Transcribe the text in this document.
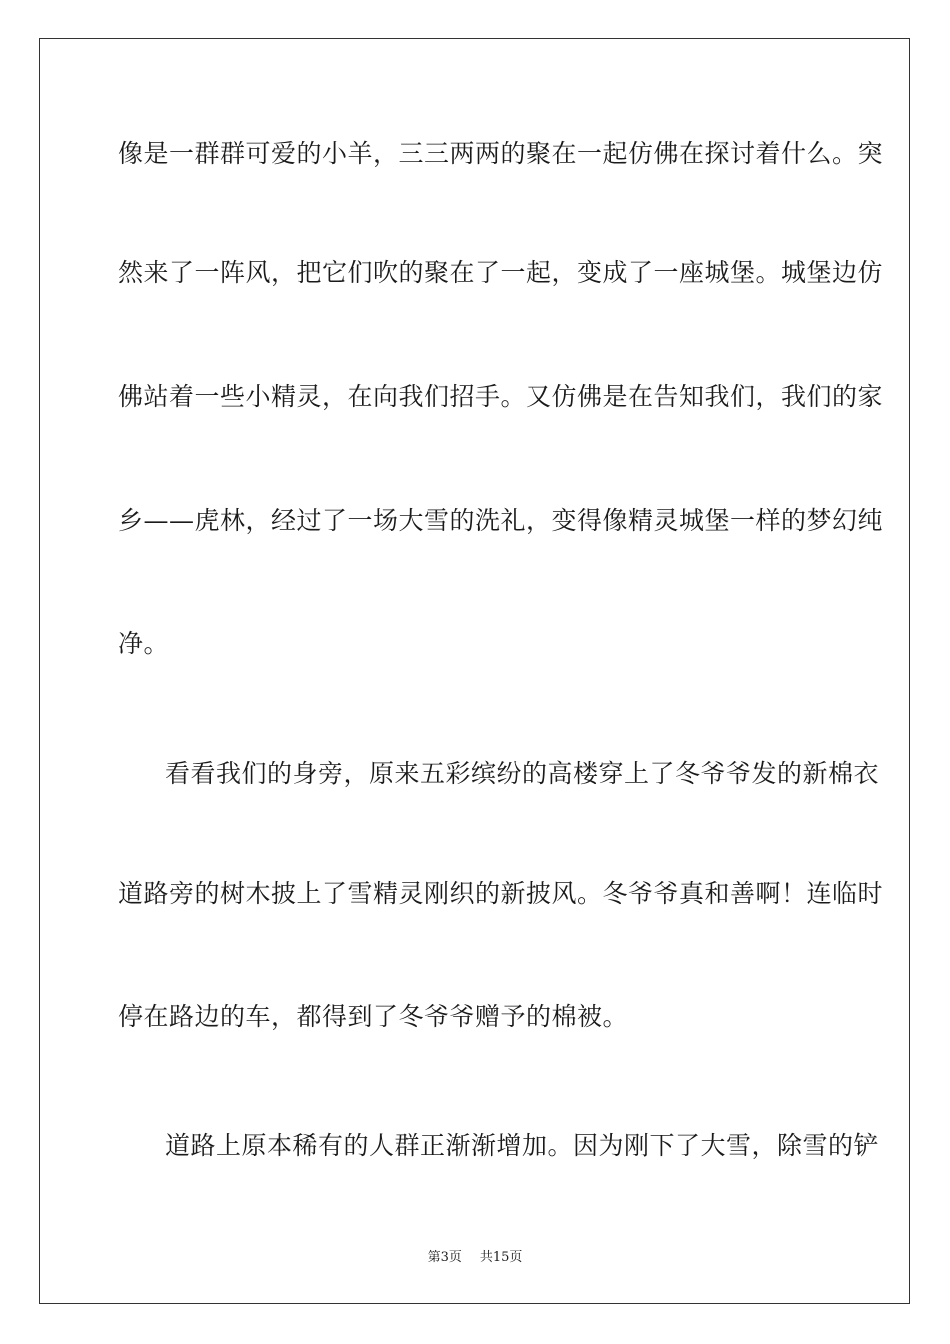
像是一群群可爱的小羊，三三两两的聚在一起仿佛在探讨着什么。突
然来了一阵风，把它们吹的聚在了一起，变成了一座城堡。城堡边仿
佛站着一些小精灵，在向我们招手。又仿佛是在告知我们，我们的家
乡——虎林，经过了一场大雪的洗礼，变得像精灵城堡一样的梦幻纯
净。
看看我们的身旁，原来五彩缤纷的高楼穿上了冬爷爷发的新棉衣
道路旁的树木披上了雪精灵刚织的新披风。冬爷爷真和善啊！连临时
停在路边的车，都得到了冬爷爷赠予的棉被。
道路上原本稀有的人群正渐渐增加。因为刚下了大雪，除雪的铲
第3页 共15页
